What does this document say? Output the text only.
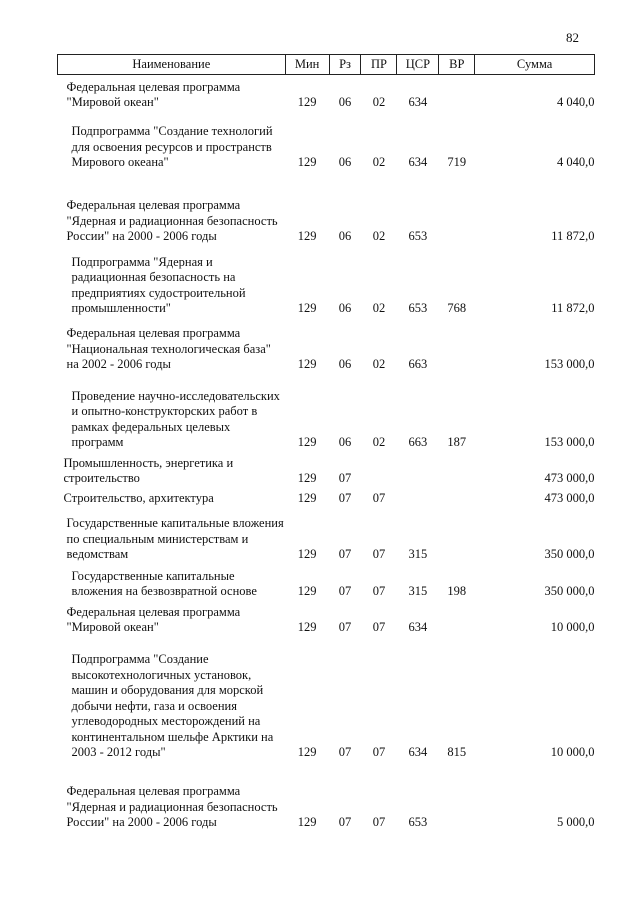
82
Наименование	Мин	Рз	ПР	ЦСР	ВР	Сумма
Федеральная целевая программа "Мировой океан"	129	06	02	634		4 040,0
Подпрограмма "Создание технологий для освоения ресурсов и пространств Мирового океана"	129	06	02	634	719	4 040,0
Федеральная целевая программа "Ядерная и радиационная безопасность России" на 2000 - 2006 годы	129	06	02	653		11 872,0
Подпрограмма "Ядерная и радиационная безопасность на предприятиях судостроительной промышленности"	129	06	02	653	768	11 872,0
Федеральная целевая программа "Национальная технологическая база" на 2002 - 2006 годы	129	06	02	663		153 000,0
Проведение научно-исследовательских и опытно-конструкторских работ в рамках федеральных целевых программ	129	06	02	663	187	153 000,0
Промышленность, энергетика и строительство	129	07				473 000,0
Строительство, архитектура	129	07	07			473 000,0
Государственные капитальные вложения по специальным министерствам и ведомствам	129	07	07	315		350 000,0
Государственные капитальные вложения на безвозвратной основе	129	07	07	315	198	350 000,0
Федеральная целевая программа "Мировой океан"	129	07	07	634		10 000,0
Подпрограмма "Создание высокотехнологичных установок, машин и оборудования для морской добычи нефти, газа и освоения углеводородных месторождений на континентальном шельфе Арктики на 2003 - 2012 годы"	129	07	07	634	815	10 000,0
Федеральная целевая программа "Ядерная и радиационная безопасность России" на 2000 - 2006 годы	129	07	07	653		5 000,0
